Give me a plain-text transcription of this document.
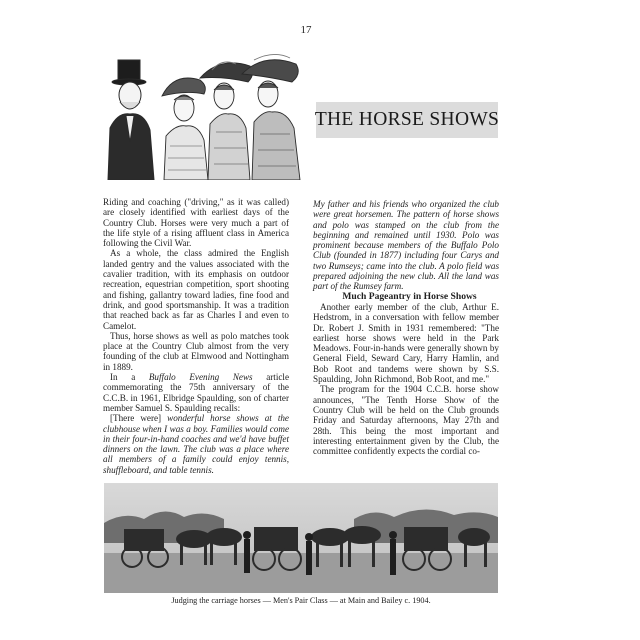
17
THE HORSE SHOWS

Riding and coaching ("driving," as it was called) are closely identified with earliest days of the Country Club. Horses were very much a part of the life style of a rising affluent class in America following the Civil War.

As a whole, the class admired the English landed gentry and the values associated with the cavalier tradition, with its emphasis on outdoor recreation, equestrian competition, sport shooting and fishing, gallantry toward ladies, fine food and drink, and good sportsmanship. It was a tradition that reached back as far as Charles I and even to Camelot.

Thus, horse shows as well as polo matches took place at the Country Club almost from the very founding of the club at Elmwood and Nottingham in 1889.

In a Buffalo Evening News article commemorating the 75th anniversary of the C.C.B. in 1961, Elbridge Spaulding, son of charter member Samuel S. Spaulding recalls:

[There were] wonderful horse shows at the clubhouse when I was a boy. Families would come in their four-in-hand coaches and we'd have buffet dinners on the lawn. The club was a place where all members of a family could enjoy tennis, shuffleboard, and table tennis.

My father and his friends who organized the club were great horsemen. The pattern of horse shows and polo was stamped on the club from the beginning and remained until 1930. Polo was prominent because members of the Buffalo Polo Club (founded in 1877) including four Carys and two Rumseys; came into the club. A polo field was prepared adjoining the new club. All the land was part of the Rumsey farm.

Much Pageantry in Horse Shows

Another early member of the club, Arthur E. Hedstrom, in a conversation with fellow member Dr. Robert J. Smith in 1931 remembered: "The earliest horse shows were held in the Park Meadows. Four-in-hands were generally shown by General Field, Seward Cary, Harry Hamlin, and Bob Root and tandems were shown by S.S. Spaulding, John Richmond, Bob Root, and me."

The program for the 1904 C.C.B. horse show announces, "The Tenth Horse Show of the Country Club will be held on the Club grounds Friday and Saturday afternoons, May 27th and 28th. This being the most important and interesting entertainment given by the Club, the committee confidently expects the cordial co-

Judging the carriage horses — Men's Pair Class — at Main and Bailey c. 1904.
